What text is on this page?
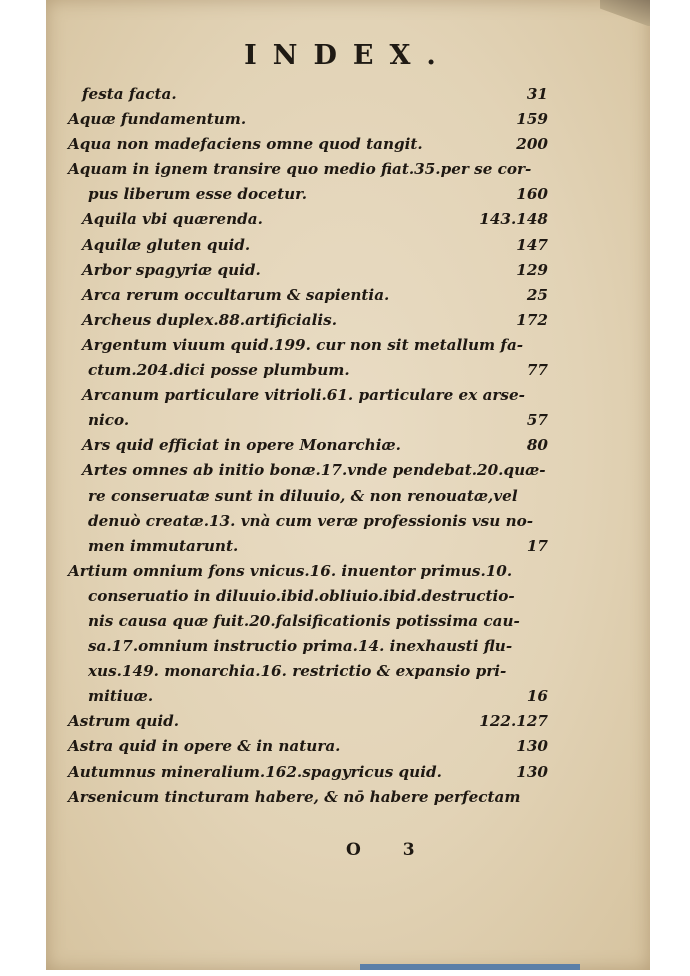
INDEX.
festa facta.	31
Aquæ fundamentum.	159
Aqua non madefaciens omne quod tangit.	200
Aquam in ignem transire quo medio fiat.35.per se cor-
pus liberum esse docetur.	160
Aquila vbi quærenda.	143.148
Aquilæ gluten quid.	147
Arbor spagyriæ quid.	129
Arca rerum occultarum & sapientia.	25
Archeus duplex.88.artificialis.	172
Argentum viuum quid.199. cur non sit metallum fa-
ctum.204.dici posse plumbum.	77
Arcanum particulare vitrioli.61. particulare ex arse-
nico.	57
Ars quid efficiat in opere Monarchiæ.	80
Artes omnes ab initio bonæ.17.vnde pendebat.20.quæ-
re conseruatæ sunt in diluuio, & non renouatæ,vel
denuò creatæ.13. vnà cum veræ professionis vsu no-
men immutarunt.	17
Artium omnium fons vnicus.16. inuentor primus.10.
conseruatio in diluuio.ibid.obliuio.ibid.destructio-
nis causa quæ fuit.20.falsificationis potissima cau-
sa.17.omnium instructio prima.14. inexhausti flu-
xus.149. monarchia.16. restrictio & expansio pri-
mitiuæ.	16
Astrum quid.	122.127
Astra quid in opere & in natura.	130
Autumnus mineralium.162.spagyricus quid.	130
Arsenicum tincturam habere, & nō habere perfectam
O 3
